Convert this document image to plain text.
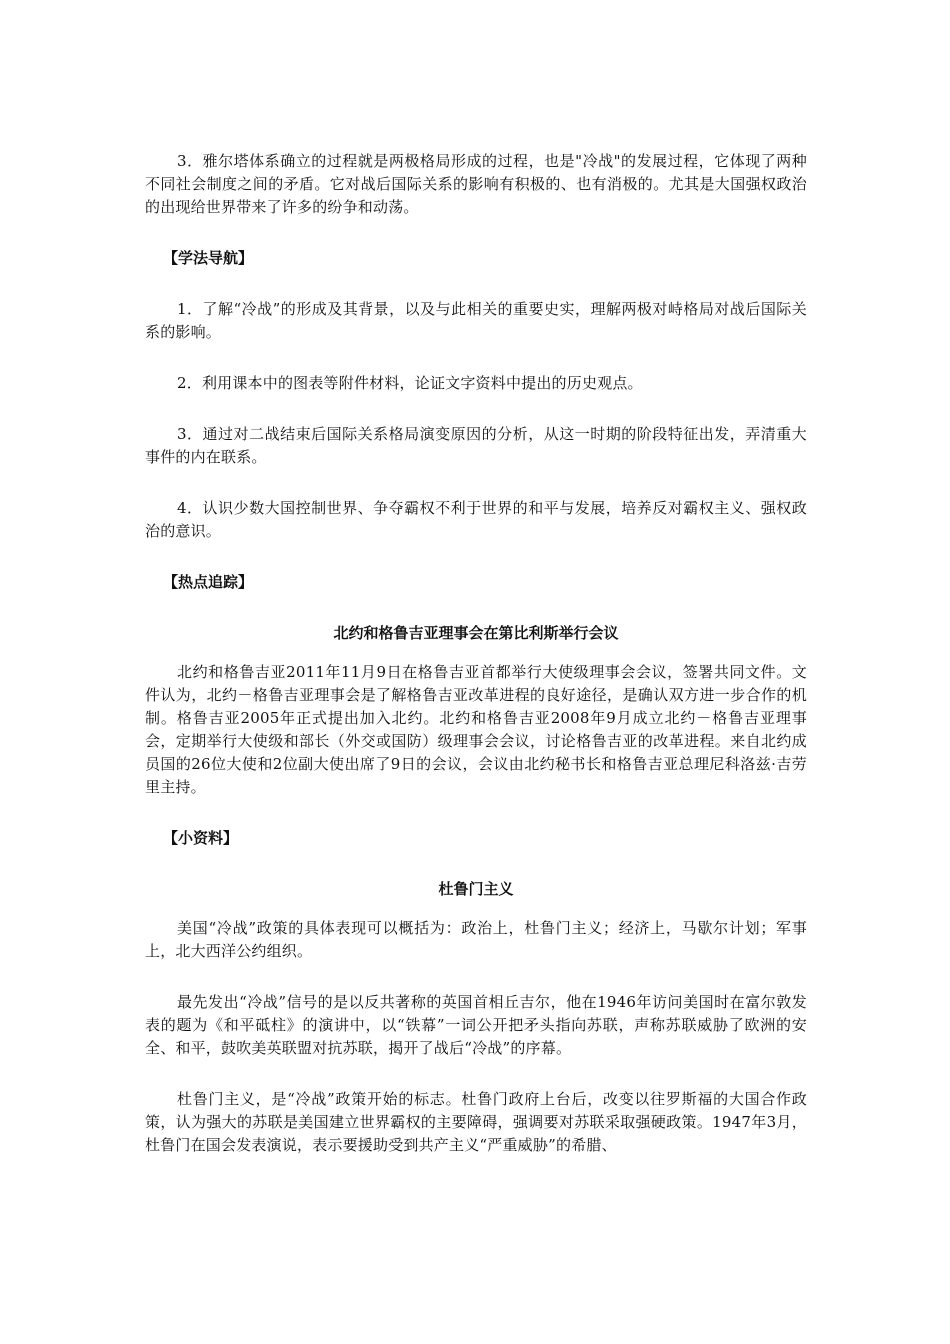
3．雅尔塔体系确立的过程就是两极格局形成的过程，也是"冷战"的发展过程，它体现了两种不同社会制度之间的矛盾。它对战后国际关系的影响有积极的、也有消极的。尤其是大国强权政治的出现给世界带来了许多的纷争和动荡。

【学法导航】

1．了解“冷战”的形成及其背景，以及与此相关的重要史实，理解两极对峙格局对战后国际关系的影响。

2．利用课本中的图表等附件材料，论证文字资料中提出的历史观点。

3．通过对二战结束后国际关系格局演变原因的分析，从这一时期的阶段特征出发，弄清重大事件的内在联系。

4．认识少数大国控制世界、争夺霸权不利于世界的和平与发展，培养反对霸权主义、强权政治的意识。

【热点追踪】
北约和格鲁吉亚理事会在第比利斯举行会议

北约和格鲁吉亚2011年11月9日在格鲁吉亚首都举行大使级理事会会议，签署共同文件。文件认为，北约－格鲁吉亚理事会是了解格鲁吉亚改革进程的良好途径，是确认双方进一步合作的机制。格鲁吉亚2005年正式提出加入北约。北约和格鲁吉亚2008年9月成立北约－格鲁吉亚理事会，定期举行大使级和部长（外交或国防）级理事会会议，讨论格鲁吉亚的改革进程。来自北约成员国的26位大使和2位副大使出席了9日的会议，会议由北约秘书长和格鲁吉亚总理尼科洛兹·吉劳里主持。

【小资料】
杜鲁门主义

美国“冷战”政策的具体表现可以概括为：政治上，杜鲁门主义；经济上，马歇尔计划；军事上，北大西洋公约组织。

最先发出“冷战”信号的是以反共著称的英国首相丘吉尔，他在1946年访问美国时在富尔敦发表的题为《和平砥柱》的演讲中，以“铁幕”一词公开把矛头指向苏联，声称苏联威胁了欧洲的安全、和平，鼓吹美英联盟对抗苏联，揭开了战后“冷战”的序幕。

杜鲁门主义，是“冷战”政策开始的标志。杜鲁门政府上台后，改变以往罗斯福的大国合作政策，认为强大的苏联是美国建立世界霸权的主要障碍，强调要对苏联采取强硬政策。1947年3月，杜鲁门在国会发表演说，表示要援助受到共产主义“严重威胁”的希腊、
